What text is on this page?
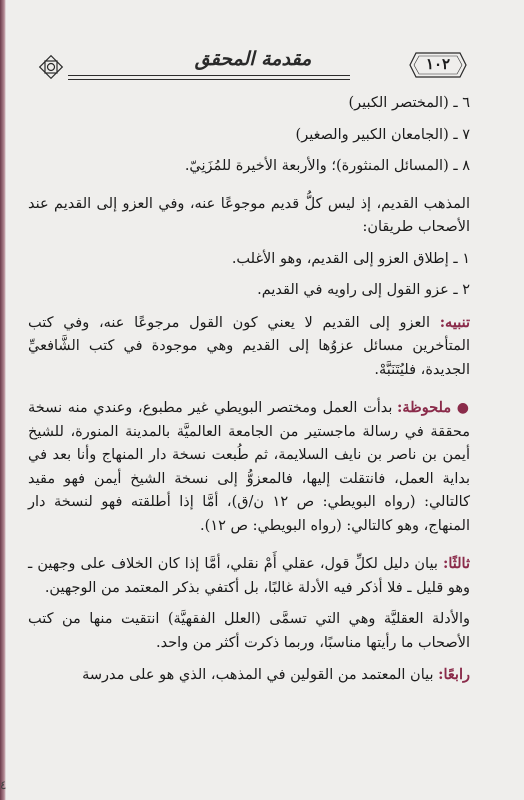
مقدمة المحقق	١٠٢

٦ ـ (المختصر الكبير)

٧ ـ (الجامعان الكبير والصغير)

٨ ـ (المسائل المنثورة)؛ والأربعة الأخيرة للمُزَنِيّ.

المذهب القديم، إذ ليس كلُّ قديم موجوعًا عنه، وفي العزو إلى القديم عند الأصحاب طريقان:

١ ـ إطلاق العزو إلى القديم، وهو الأغلب.

٢ ـ عزو القول إلى راويه في القديم.

تنبيه: العزو إلى القديم لا يعني كون القول مرجوعًا عنه، وفي كتب المتأخرين مسائل عزوُها إلى القديم وهي موجودة في كتب الشَّافعيِّ الجديدة، فليُتَنَبَّهْ.

● ملحوظة: بدأت العمل ومختصر البويطي غير مطبوع، وعندي منه نسخة محققة في رسالة ماجستير من الجامعة العالميَّة بالمدينة المنورة، للشيخ أيمن بن ناصر بن نايف السلايمة، ثم طُبعت نسخة دار المنهاج وأنا بعد في بداية العمل، فانتقلت إليها، فالمعزوُّ إلى نسخة الشيخ أيمن فهو مقيد كالتالي: (رواه البويطي: ص ١٢ ن/ق)، أمَّا إذا أطلقته فهو لنسخة دار المنهاج، وهو كالتالي: (رواه البويطي: ص ١٢).

ثالثًا: بيان دليل لكلِّ قول، عقلي أَمْ نقلي، أمَّا إذا كان الخلاف على وجهين ـ وهو قليل ـ فلا أذكر فيه الأدلة غالبًا، بل أكتفي بذكر المعتمد من الوجهين.

والأدلة العقليَّة وهي التي تسمَّى (العلل الفقهيَّة) انتقيت منها من كتب الأصحاب ما رأيتها مناسبًا، وربما ذكرت أكثر من واحد.

رابعًا: بيان المعتمد من القولين في المذهب، الذي هو على مدرسة

٤
